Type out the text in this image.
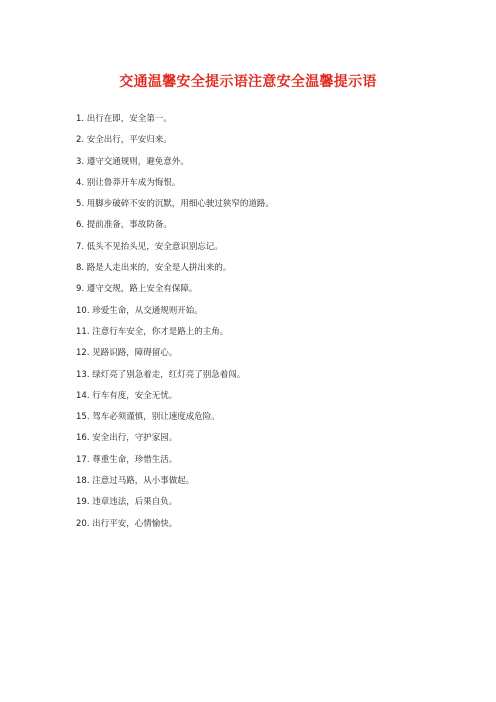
交通温馨安全提示语注意安全温馨提示语
1. 出行在即，安全第一。
2. 安全出行，平安归来。
3. 遵守交通规则，避免意外。
4. 别让鲁莽开车成为悔恨。
5. 用脚步破碎不安的沉默，用细心驶过狭窄的道路。
6. 提前准备，事故防备。
7. 低头不见抬头见，安全意识别忘记。
8. 路是人走出来的，安全是人拼出来的。
9. 遵守交规，路上安全有保障。
10. 珍爱生命，从交通规则开始。
11. 注意行车安全，你才是路上的主角。
12. 见路识路，障碍留心。
13. 绿灯亮了别急着走，红灯亮了别急着闯。
14. 行车有度，安全无忧。
15. 驾车必须谨慎，别让速度成危险。
16. 安全出行，守护家园。
17. 尊重生命，珍惜生活。
18. 注意过马路，从小事做起。
19. 违章违法，后果自负。
20. 出行平安，心情愉快。
